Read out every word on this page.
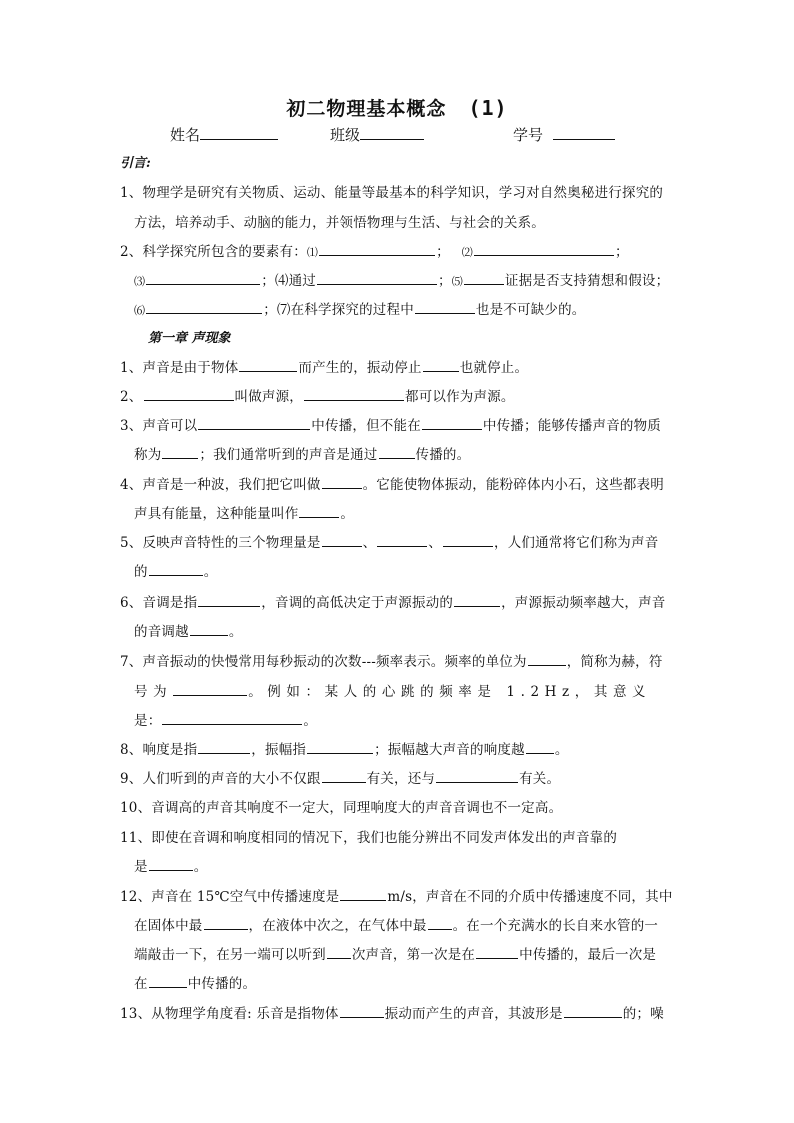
初二物理基本概念 (1)
姓名	班级	学号
引言:
1、物理学是研究有关物质、运动、能量等最基本的科学知识，学习对自然奥秘进行探究的
方法，培养动手、动脑的能力，并领悟物理与生活、与社会的关系。
2、科学探究所包含的要素有：⑴	； ⑵	；
⑶	；⑷通过	；⑸	证据是否支持猜想和假设；
⑹	；⑺在科学探究的过程中	也是不可缺少的。
第一章 声现象
1、声音是由于物体	而产生的，振动停止	也就停止。
2、	叫做声源，	都可以作为声源。
3、声音可以	中传播，但不能在	中传播；能够传播声音的物质
称为	；我们通常听到的声音是通过	传播的。
4、声音是一种波，我们把它叫做	。它能使物体振动，能粉碎体内小石，这些都表明
声具有能量，这种能量叫作	。
5、反映声音特性的三个物理量是	、	、	，人们通常将它们称为声音
的	。
6、音调是指	，音调的高低决定于声源振动的	，声源振动频率越大，声音
的音调越	。
7、声音振动的快慢常用每秒振动的次数---频率表示。频率的单位为	，简称为赫，符
号为	。例如：某人的心跳的频率是 1.2Hz，其意义
是：	。
8、响度是指	，振幅指	；振幅越大声音的响度越 。
9、人们听到的声音的大小不仅跟	有关，还与	有关。
10、音调高的声音其响度不一定大，同理响度大的声音音调也不一定高。
11、即使在音调和响度相同的情况下，我们也能分辨出不同发声体发出的声音靠的
是	。
12、声音在 15℃空气中传播速度是	m/s，声音在不同的介质中传播速度不同，其中
在固体中最	，在液体中次之，在气体中最 。在一个充满水的长自来水管的一
端敲击一下，在另一端可以听到 次声音，第一次是在	中传播的，最后一次是
在	中传播的。
13、从物理学角度看: 乐音是指物体	振动而产生的声音，其波形是	的；噪
